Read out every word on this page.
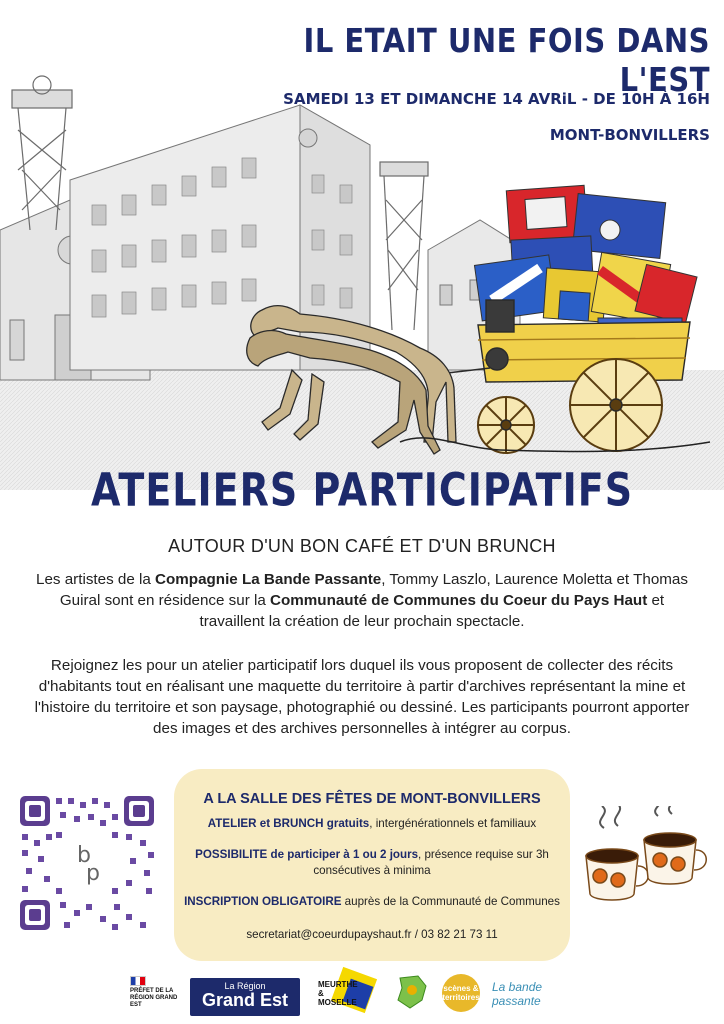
IL ETAIT UNE FOIS DANS L'EST
SAMEDI 13 ET DIMANCHE 14 AVRiL - DE 10H À 16H
MONT-BONVILLERS
ATELIERS PARTICIPATIFS
AUTOUR D'UN BON CAFÉ ET D'UN BRUNCH
Les artistes de la Compagnie La Bande Passante, Tommy Laszlo, Laurence Moletta et Thomas Guiral sont en résidence sur la Communauté de Communes du Coeur du Pays Haut et travaillent la création de leur prochain spectacle.
Rejoignez les pour un atelier participatif lors duquel ils vous proposent de collecter des récits d'habitants tout en réalisant une maquette du territoire à partir d'archives représentant la mine et l'histoire du territoire et son paysage, photographié ou dessiné. Les participants pourront apporter des images et des archives personnelles à intégrer au corpus.
b
p
A LA SALLE DES FÊTES DE MONT-BONVILLERS
ATELIER et BRUNCH gratuits, intergénérationnels et familiaux
POSSIBILITE de participer à 1 ou 2 jours, présence requise sur 3h consécutives à minima
INSCRIPTION OBLIGATOIRE auprès de la Communauté de Communes
secretariat@coeurdupayshaut.fr / 03 82 21 73 11
PRÉFET DE LA RÉGION GRAND EST
La Région
Grand Est
MEURTHE & MOSELLE
scènes & territoires
La bande passante
